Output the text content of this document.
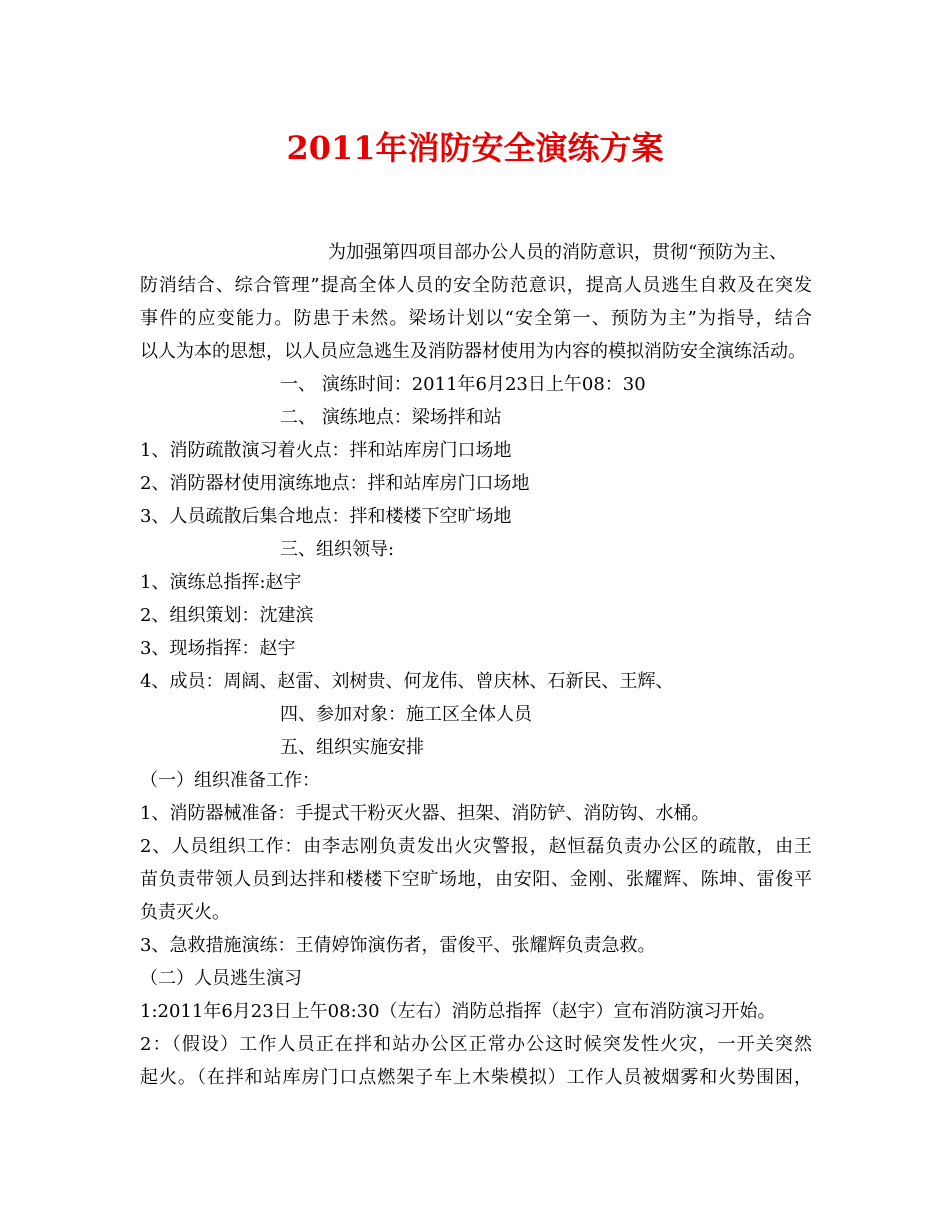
2011年消防安全演练方案
为加强第四项目部办公人员的消防意识，贯彻“预防为主、
防消结合、综合管理”提高全体人员的安全防范意识，提高人员逃生自救及在突发
事件的应变能力。防患于未然。梁场计划以“安全第一、预防为主”为指导，结合
以人为本的思想，以人员应急逃生及消防器材使用为内容的模拟消防安全演练活动。
一、 演练时间：2011年6月23日上午08：30
二、 演练地点：梁场拌和站
1、消防疏散演习着火点：拌和站库房门口场地
2、消防器材使用演练地点：拌和站库房门口场地
3、人员疏散后集合地点：拌和楼楼下空旷场地
三、组织领导:
1、演练总指挥:赵宇
2、组织策划：沈建滨
3、现场指挥：赵宇
4、成员：周阔、赵雷、刘树贵、何龙伟、曾庆林、石新民、王辉、
四、参加对象：施工区全体人员
五、组织实施安排
（一）组织准备工作：
1、消防器械准备：手提式干粉灭火器、担架、消防铲、消防钩、水桶。
2、人员组织工作：由李志刚负责发出火灾警报，赵恒磊负责办公区的疏散，由王
苗负责带领人员到达拌和楼楼下空旷场地，由安阳、金刚、张耀辉、陈坤、雷俊平
负责灭火。
3、急救措施演练：王倩婷饰演伤者，雷俊平、张耀辉负责急救。
（二）人员逃生演习
1:2011年6月23日上午08:30（左右）消防总指挥（赵宇）宣布消防演习开始。
2：（假设）工作人员正在拌和站办公区正常办公这时候突发性火灾，一开关突然
起火。（在拌和站库房门口点燃架子车上木柴模拟）工作人员被烟雾和火势围困，
